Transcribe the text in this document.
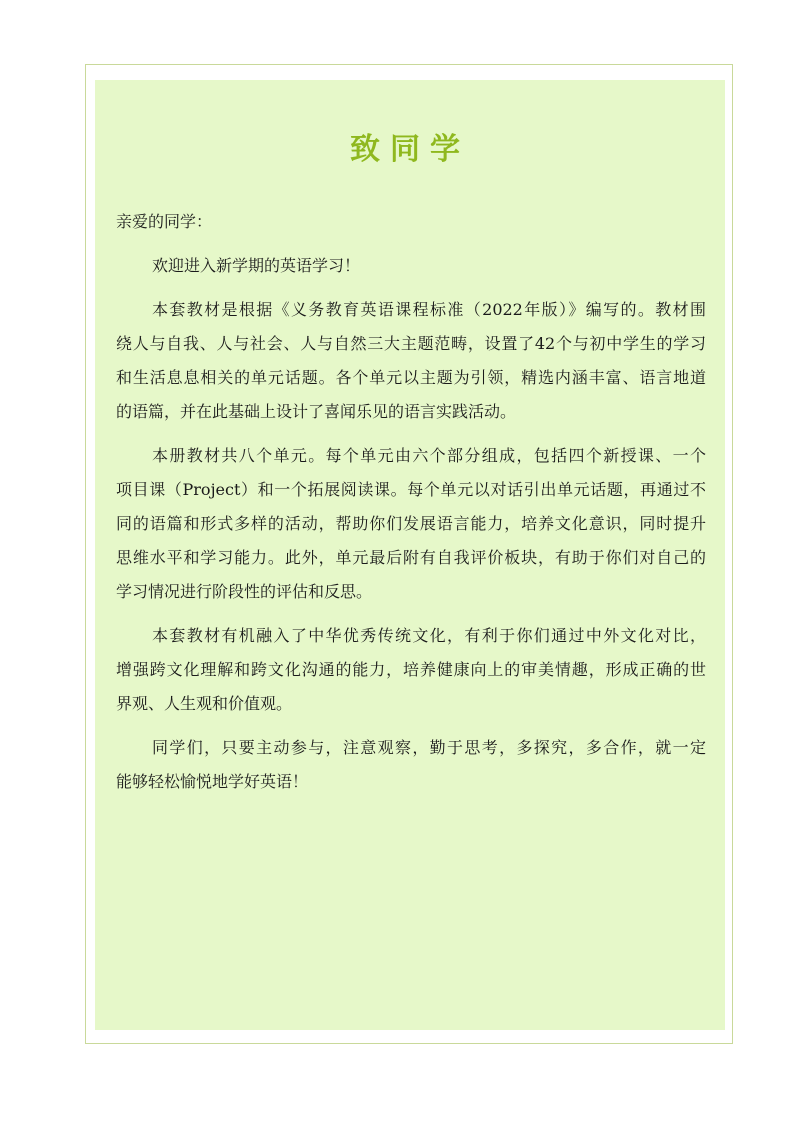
致同学
亲爱的同学：
欢迎进入新学期的英语学习！
本套教材是根据《义务教育英语课程标准（2022年版）》编写的。教材围
绕人与自我、人与社会、人与自然三大主题范畴，设置了42个与初中学生的学习
和生活息息相关的单元话题。各个单元以主题为引领，精选内涵丰富、语言地道
的语篇，并在此基础上设计了喜闻乐见的语言实践活动。
本册教材共八个单元。每个单元由六个部分组成，包括四个新授课、一个
项目课（Project）和一个拓展阅读课。每个单元以对话引出单元话题，再通过不
同的语篇和形式多样的活动，帮助你们发展语言能力，培养文化意识，同时提升
思维水平和学习能力。此外，单元最后附有自我评价板块，有助于你们对自己的
学习情况进行阶段性的评估和反思。
本套教材有机融入了中华优秀传统文化，有利于你们通过中外文化对比，
增强跨文化理解和跨文化沟通的能力，培养健康向上的审美情趣，形成正确的世
界观、人生观和价值观。
同学们，只要主动参与，注意观察，勤于思考，多探究，多合作，就一定
能够轻松愉悦地学好英语！
